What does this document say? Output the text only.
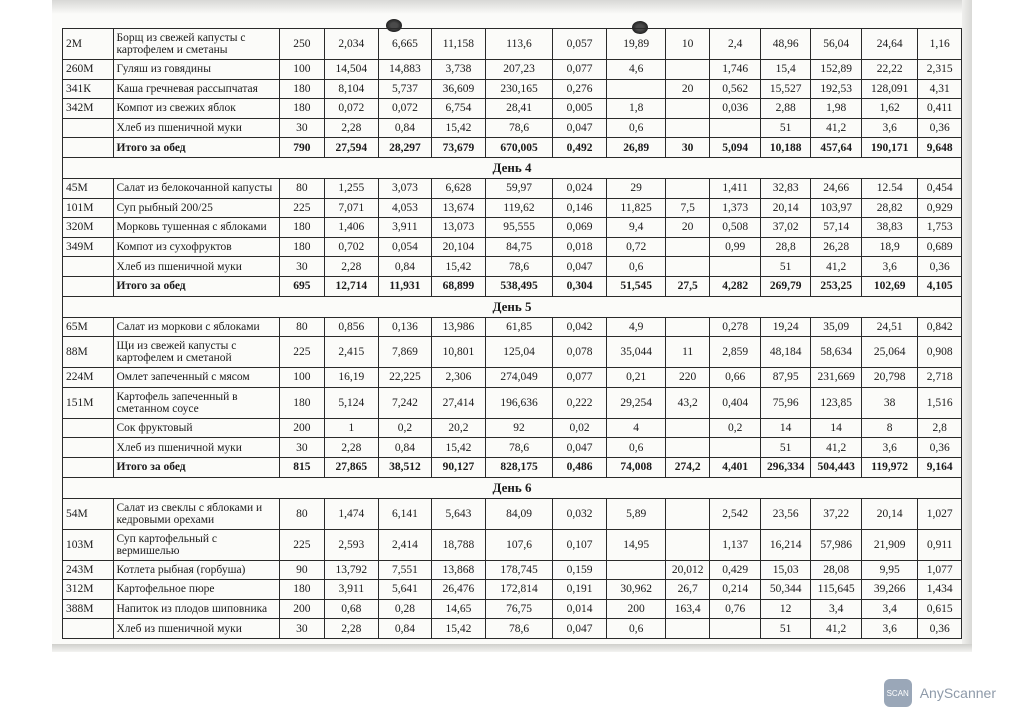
2М	Борщ из свежей капусты с картофелем и сметаны	250	2,034	6,665	11,158	113,6	0,057	19,89	10	2,4	48,96	56,04	24,64	1,16
260М	Гуляш из говядины	100	14,504	14,883	3,738	207,23	0,077	4,6		1,746	15,4	152,89	22,22	2,315
341К	Каша гречневая рассыпчатая	180	8,104	5,737	36,609	230,165	0,276		20	0,562	15,527	192,53	128,091	4,31
342М	Компот из свежих яблок	180	0,072	0,072	6,754	28,41	0,005	1,8		0,036	2,88	1,98	1,62	0,411
	Хлеб из пшеничной муки	30	2,28	0,84	15,42	78,6	0,047	0,6			51	41,2	3,6	0,36
	Итого за обед	790	27,594	28,297	73,679	670,005	0,492	26,89	30	5,094	10,188	457,64	190,171	9,648
День 4														
45М	Салат из белокочанной капусты	80	1,255	3,073	6,628	59,97	0,024	29		1,411	32,83	24,66	12.54	0,454
101М	Суп рыбный 200/25	225	7,071	4,053	13,674	119,62	0,146	11,825	7,5	1,373	20,14	103,97	28,82	0,929
320М	Морковь тушенная с яблоками	180	1,406	3,911	13,073	95,555	0,069	9,4	20	0,508	37,02	57,14	38,83	1,753
349М	Компот из сухофруктов	180	0,702	0,054	20,104	84,75	0,018	0,72		0,99	28,8	26,28	18,9	0,689
	Хлеб из пшеничной муки	30	2,28	0,84	15,42	78,6	0,047	0,6			51	41,2	3,6	0,36
	Итого за обед	695	12,714	11,931	68,899	538,495	0,304	51,545	27,5	4,282	269,79	253,25	102,69	4,105
День 5														
65М	Салат из моркови с яблоками	80	0,856	0,136	13,986	61,85	0,042	4,9		0,278	19,24	35,09	24,51	0,842
88М	Щи из свежей капусты с картофелем и сметаной	225	2,415	7,869	10,801	125,04	0,078	35,044	11	2,859	48,184	58,634	25,064	0,908
224М	Омлет запеченный с мясом	100	16,19	22,225	2,306	274,049	0,077	0,21	220	0,66	87,95	231,669	20,798	2,718
151М	Картофель запеченный в сметанном соусе	180	5,124	7,242	27,414	196,636	0,222	29,254	43,2	0,404	75,96	123,85	38	1,516
	Сок фруктовый	200	1	0,2	20,2	92	0,02	4		0,2	14	14	8	2,8
	Хлеб из пшеничной муки	30	2,28	0,84	15,42	78,6	0,047	0,6			51	41,2	3,6	0,36
	Итого за обед	815	27,865	38,512	90,127	828,175	0,486	74,008	274,2	4,401	296,334	504,443	119,972	9,164
День 6														
54М	Салат из свеклы с яблоками и кедровыми орехами	80	1,474	6,141	5,643	84,09	0,032	5,89		2,542	23,56	37,22	20,14	1,027
103М	Суп картофельный с вермишелью	225	2,593	2,414	18,788	107,6	0,107	14,95		1,137	16,214	57,986	21,909	0,911
243М	Котлета рыбная (горбуша)	90	13,792	7,551	13,868	178,745	0,159		20,012	0,429	15,03	28,08	9,95	1,077
312М	Картофельное пюре	180	3,911	5,641	26,476	172,814	0,191	30,962	26,7	0,214	50,344	115,645	39,266	1,434
388М	Напиток из плодов шиповника	200	0,68	0,28	14,65	76,75	0,014	200	163,4	0,76	12	3,4	3,4	0,615
	Хлеб из пшеничной муки	30	2,28	0,84	15,42	78,6	0,047	0,6			51	41,2	3,6	0,36
SCAN AnyScanner
